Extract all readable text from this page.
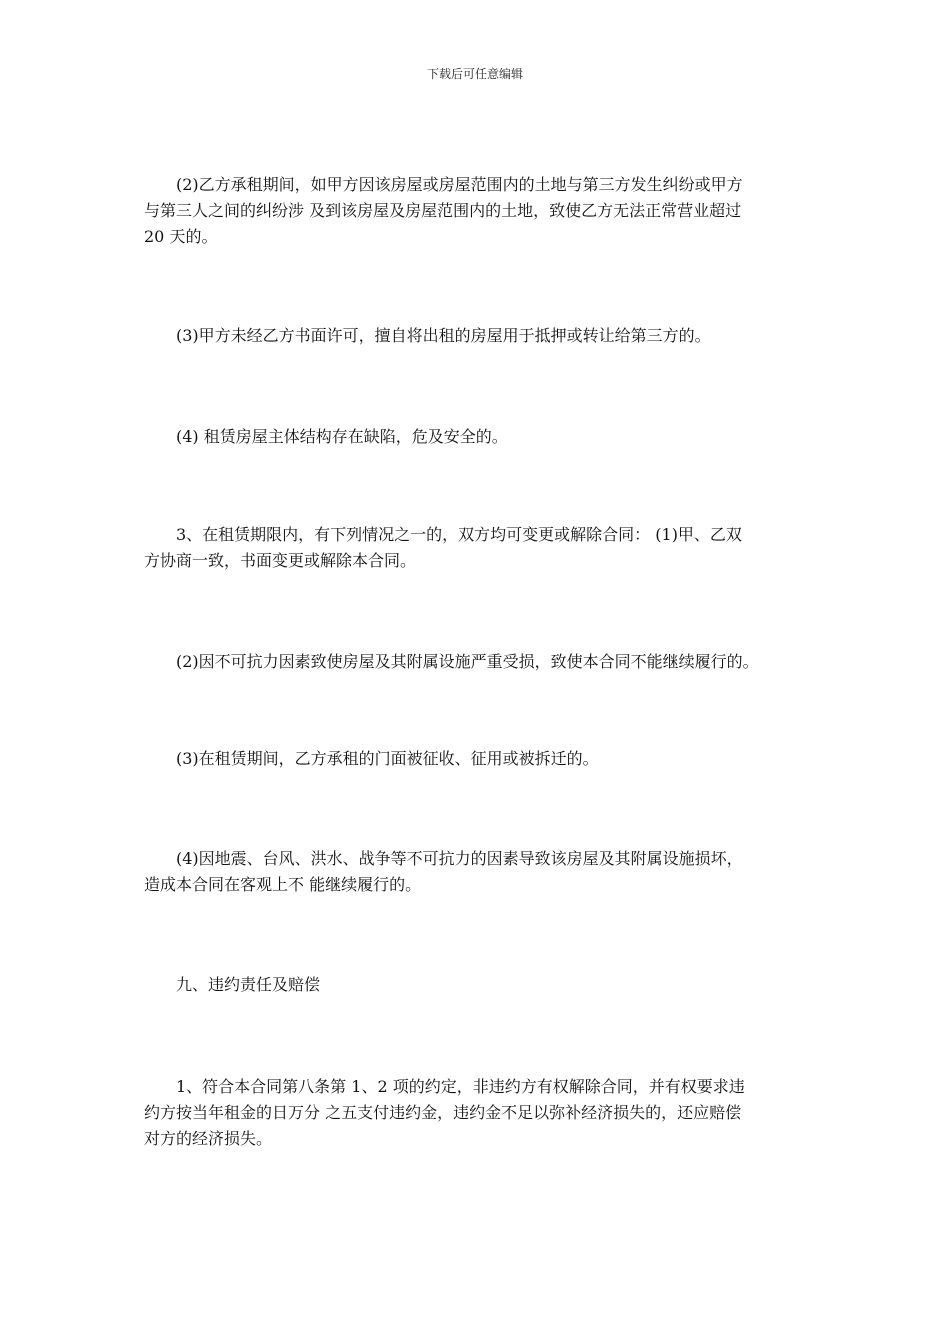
下载后可任意编辑
(2)乙方承租期间，如甲方因该房屋或房屋范围内的土地与第三方发生纠纷或甲方
与第三人之间的纠纷涉 及到该房屋及房屋范围内的土地，致使乙方无法正常营业超过
20 天的。
(3)甲方未经乙方书面许可，擅自将出租的房屋用于抵押或转让给第三方的。
(4) 租赁房屋主体结构存在缺陷，危及安全的。
3、在租赁期限内，有下列情况之一的，双方均可变更或解除合同： (1)甲、乙双
方协商一致，书面变更或解除本合同。
(2)因不可抗力因素致使房屋及其附属设施严重受损，致使本合同不能继续履行的。
(3)在租赁期间，乙方承租的门面被征收、征用或被拆迁的。
(4)因地震、台风、洪水、战争等不可抗力的因素导致该房屋及其附属设施损坏，
造成本合同在客观上不 能继续履行的。
九、违约责任及赔偿
1、符合本合同第八条第 1、2 项的约定，非违约方有权解除合同，并有权要求违
约方按当年租金的日万分 之五支付违约金，违约金不足以弥补经济损失的，还应赔偿
对方的经济损失。
